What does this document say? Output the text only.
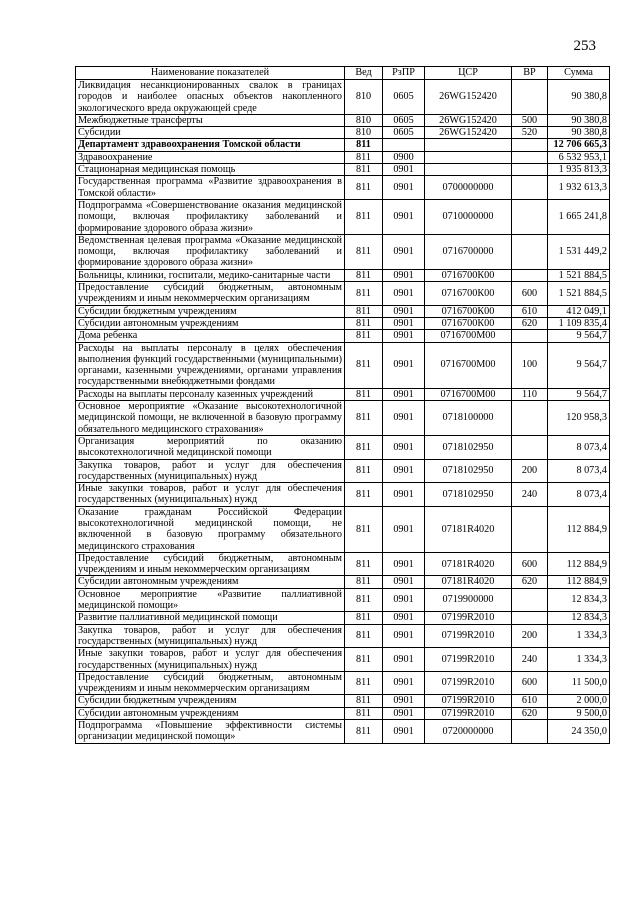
253
Наименование показателей	Вед	РзПР	ЦСР	ВР	Сумма
Ликвидация несанкционированных свалок в границах городов и наиболее опасных объектов накопленного экологического вреда окружающей среде	810	0605	26WG152420		90 380,8
Межбюджетные трансферты	810	0605	26WG152420	500	90 380,8
Субсидии	810	0605	26WG152420	520	90 380,8
Департамент здравоохранения Томской области	811				12 706 665,3
Здравоохранение	811	0900			6 532 953,1
Стационарная медицинская помощь	811	0901			1 935 813,3
Государственная программа «Развитие здравоохранения в Томской области»	811	0901	0700000000		1 932 613,3
Подпрограмма «Совершенствование оказания медицинской помощи, включая профилактику заболеваний и формирование здорового образа жизни»	811	0901	0710000000		1 665 241,8
Ведомственная целевая программа «Оказание медицинской помощи, включая профилактику заболеваний и формирование здорового образа жизни»	811	0901	0716700000		1 531 449,2
Больницы, клиники, госпитали, медико-санитарные части	811	0901	0716700К00		1 521 884,5
Предоставление субсидий бюджетным, автономным учреждениям и иным некоммерческим организациям	811	0901	0716700К00	600	1 521 884,5
Субсидии бюджетным учреждениям	811	0901	0716700К00	610	412 049,1
Субсидии автономным учреждениям	811	0901	0716700К00	620	1 109 835,4
Дома ребенка	811	0901	0716700М00		9 564,7
Расходы на выплаты персоналу в целях обеспечения выполнения функций государственными (муниципальными) органами, казенными учреждениями, органами управления государственными внебюджетными фондами	811	0901	0716700М00	100	9 564,7
Расходы на выплаты персоналу казенных учреждений	811	0901	0716700М00	110	9 564,7
Основное мероприятие «Оказание высокотехнологичной медицинской помощи, не включенной в базовую программу обязательного медицинского страхования»	811	0901	0718100000		120 958,3
Организация мероприятий по оказанию высокотехнологичной медицинской помощи	811	0901	0718102950		8 073,4
Закупка товаров, работ и услуг для обеспечения государственных (муниципальных) нужд	811	0901	0718102950	200	8 073,4
Иные закупки товаров, работ и услуг для обеспечения государственных (муниципальных) нужд	811	0901	0718102950	240	8 073,4
Оказание гражданам Российской Федерации высокотехнологичной медицинской помощи, не включенной в базовую программу обязательного медицинского страхования	811	0901	07181R4020		112 884,9
Предоставление субсидий бюджетным, автономным учреждениям и иным некоммерческим организациям	811	0901	07181R4020	600	112 884,9
Субсидии автономным учреждениям	811	0901	07181R4020	620	112 884,9
Основное мероприятие «Развитие паллиативной медицинской помощи»	811	0901	0719900000		12 834,3
Развитие паллиативной медицинской помощи	811	0901	07199R2010		12 834,3
Закупка товаров, работ и услуг для обеспечения государственных (муниципальных) нужд	811	0901	07199R2010	200	1 334,3
Иные закупки товаров, работ и услуг для обеспечения государственных (муниципальных) нужд	811	0901	07199R2010	240	1 334,3
Предоставление субсидий бюджетным, автономным учреждениям и иным некоммерческим организациям	811	0901	07199R2010	600	11 500,0
Субсидии бюджетным учреждениям	811	0901	07199R2010	610	2 000,0
Субсидии автономным учреждениям	811	0901	07199R2010	620	9 500,0
Подпрограмма «Повышение эффективности системы организации медицинской помощи»	811	0901	0720000000		24 350,0
